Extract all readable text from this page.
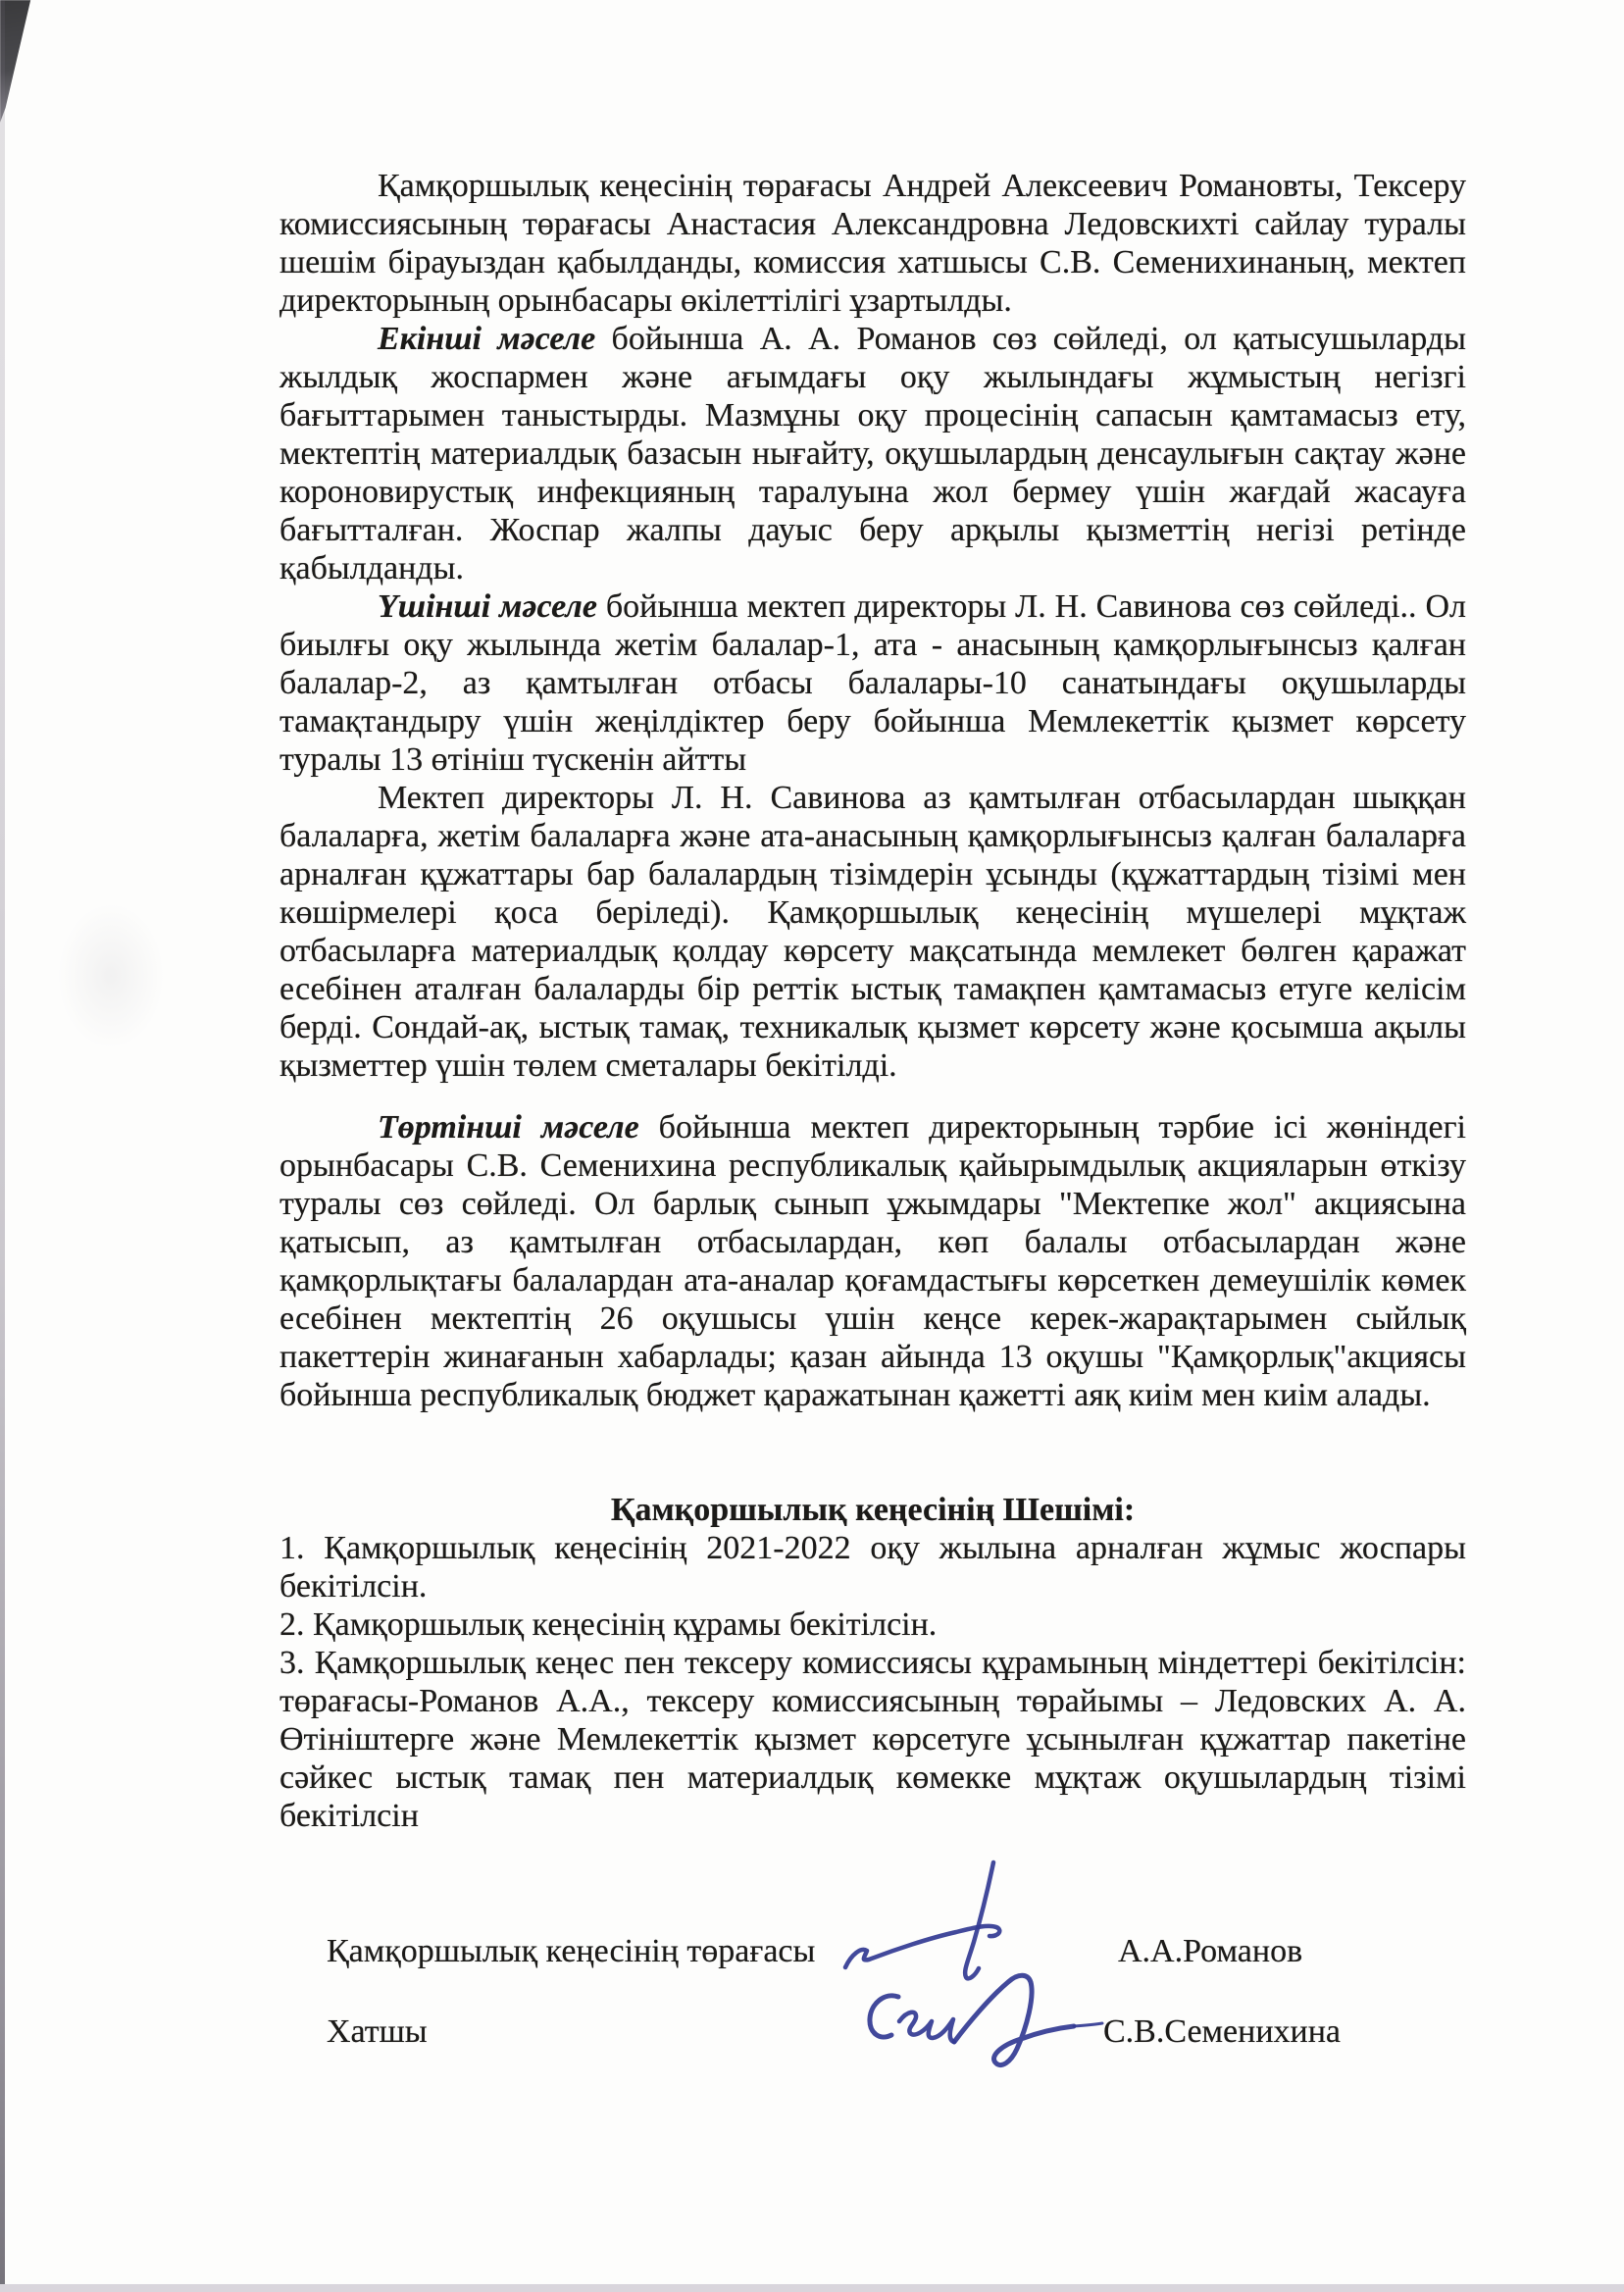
Қамқоршылық кеңесінің төрағасы Андрей Алексеевич Романовты, Тексеру комиссиясының төрағасы Анастасия Александровна Ледовскихті сайлау туралы шешім бірауыздан қабылданды, комиссия хатшысы С.В. Семенихинаның, мектеп директорының орынбасары өкілеттілігі ұзартылды.

Екінші мәселе бойынша А. А. Романов сөз сөйледі, ол қатысушыларды жылдық жоспармен және ағымдағы оқу жылындағы жұмыстың негізгі бағыттарымен таныстырды. Мазмұны оқу процесінің сапасын қамтамасыз ету, мектептің материалдық базасын нығайту, оқушылардың денсаулығын сақтау және короновирустық инфекцияның таралуына жол бермеу үшін жағдай жасауға бағытталған. Жоспар жалпы дауыс беру арқылы қызметтің негізі ретінде қабылданды.

Үшінші мәселе бойынша мектеп директоры Л. Н. Савинова сөз сөйледі.. Ол биылғы оқу жылында жетім балалар-1, ата - анасының қамқорлығынсыз қалған балалар-2, аз қамтылған отбасы балалары-10 санатындағы оқушыларды тамақтандыру үшін жеңілдіктер беру бойынша Мемлекеттік қызмет көрсету туралы 13 өтініш түскенін айтты

Мектеп директоры Л. Н. Савинова аз қамтылған отбасылардан шыққан балаларға, жетім балаларға және ата-анасының қамқорлығынсыз қалған балаларға арналған құжаттары бар балалардың тізімдерін ұсынды (құжаттардың тізімі мен көшірмелері қоса беріледі). Қамқоршылық кеңесінің мүшелері мұқтаж отбасыларға материалдық қолдау көрсету мақсатында мемлекет бөлген қаражат есебінен аталған балаларды бір реттік ыстық тамақпен қамтамасыз етуге келісім берді. Сондай-ақ, ыстық тамақ, техникалық қызмет көрсету және қосымша ақылы қызметтер үшін төлем сметалары бекітілді.

Төртінші мәселе бойынша мектеп директорының тәрбие ісі жөніндегі орынбасары С.В. Семенихина республикалық қайырымдылық акцияларын өткізу туралы сөз сөйледі. Ол барлық сынып ұжымдары "Мектепке жол" акциясына қатысып, аз қамтылған отбасылардан, көп балалы отбасылардан және қамқорлықтағы балалардан ата-аналар қоғамдастығы көрсеткен демеушілік көмек есебінен мектептің 26 оқушысы үшін кеңсе керек-жарақтарымен сыйлық пакеттерін жинағанын хабарлады; қазан айында 13 оқушы "Қамқорлық"акциясы бойынша республикалық бюджет қаражатынан қажетті аяқ киім мен киім алады.

Қамқоршылық кеңесінің Шешімі:

1. Қамқоршылық кеңесінің 2021-2022 оқу жылына арналған жұмыс жоспары бекітілсін.

2. Қамқоршылық кеңесінің құрамы бекітілсін.

3. Қамқоршылық кеңес пен тексеру комиссиясы құрамының міндеттері бекітілсін: төрағасы-Романов А.А., тексеру комиссиясының төрайымы – Ледовских А. А. Өтініштерге және Мемлекеттік қызмет көрсетуге ұсынылған құжаттар пакетіне сәйкес ыстық тамақ пен материалдық көмекке мұқтаж оқушылардың тізімі бекітілсін

Қамқоршылық кеңесінің төрағасы	А.А.Романов
Хатшы	С.В.Семенихина
